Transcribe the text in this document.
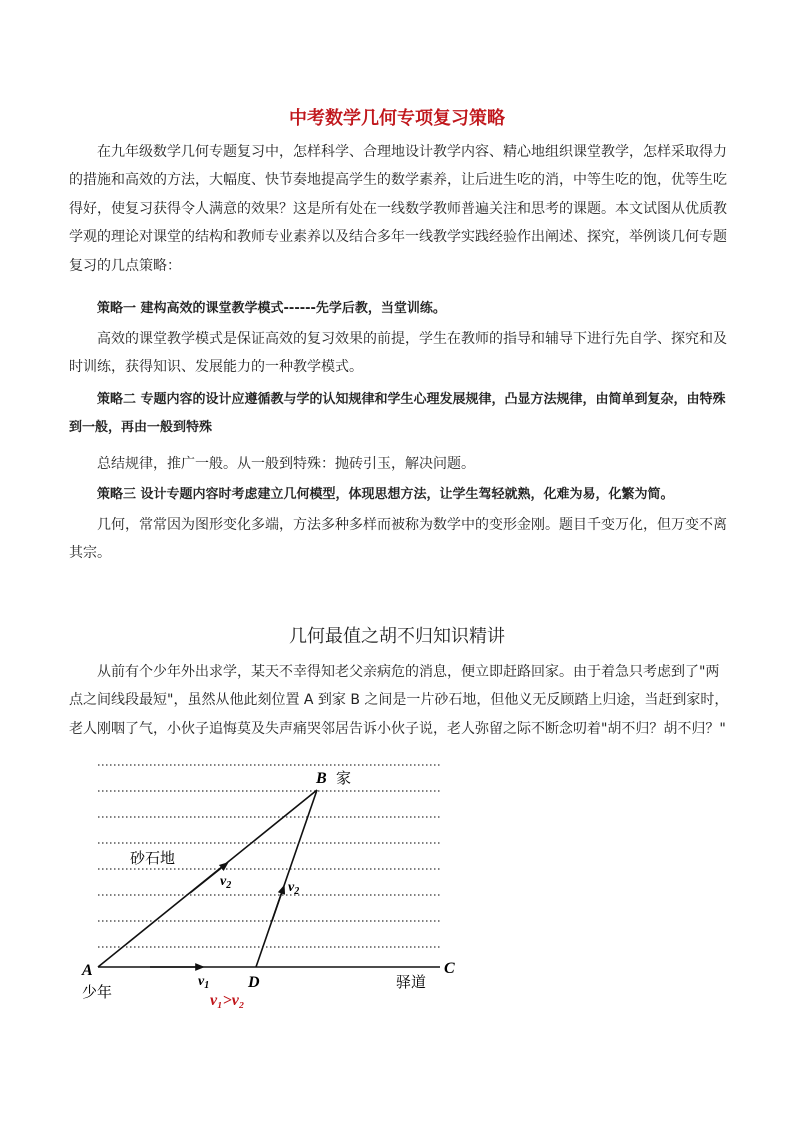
中考数学几何专项复习策略

在九年级数学几何专题复习中，怎样科学、合理地设计教学内容、精心地组织课堂教学，怎样采取得力的措施和高效的方法，大幅度、快节奏地提高学生的数学素养，让后进生吃的消，中等生吃的饱，优等生吃得好，使复习获得令人满意的效果？这是所有处在一线数学教师普遍关注和思考的课题。本文试图从优质教学观的理论对课堂的结构和教师专业素养以及结合多年一线教学实践经验作出阐述、探究，举例谈几何专题复习的几点策略：

策略一 建构高效的课堂教学模式------先学后教，当堂训练。

高效的课堂教学模式是保证高效的复习效果的前提，学生在教师的指导和辅导下进行先自学、探究和及时训练，获得知识、发展能力的一种教学模式。

策略二 专题内容的设计应遵循教与学的认知规律和学生心理发展规律，凸显方法规律，由简单到复杂，由特殊到一般，再由一般到特殊

总结规律，推广一般。从一般到特殊：抛砖引玉，解决问题。

策略三 设计专题内容时考虑建立几何模型，体现思想方法，让学生驾轻就熟，化难为易，化繁为简。

几何，常常因为图形变化多端，方法多种多样而被称为数学中的变形金刚。题目千变万化，但万变不离其宗。

几何最值之胡不归知识精讲

从前有个少年外出求学，某天不幸得知老父亲病危的消息，便立即赶路回家。由于着急只考虑到了"两点之间线段最短"，虽然从他此刻位置 A 到家 B 之间是一片砂石地，但他义无反顾踏上归途，当赶到家时，老人刚咽了气，小伙子追悔莫及失声痛哭邻居告诉小伙子说，老人弥留之际不断念叨着"胡不归？胡不归？"

B 家
砂石地
$v_2$	$v_2$
A
少年
$v_1$ D	驿道
C
v₁>v₂
